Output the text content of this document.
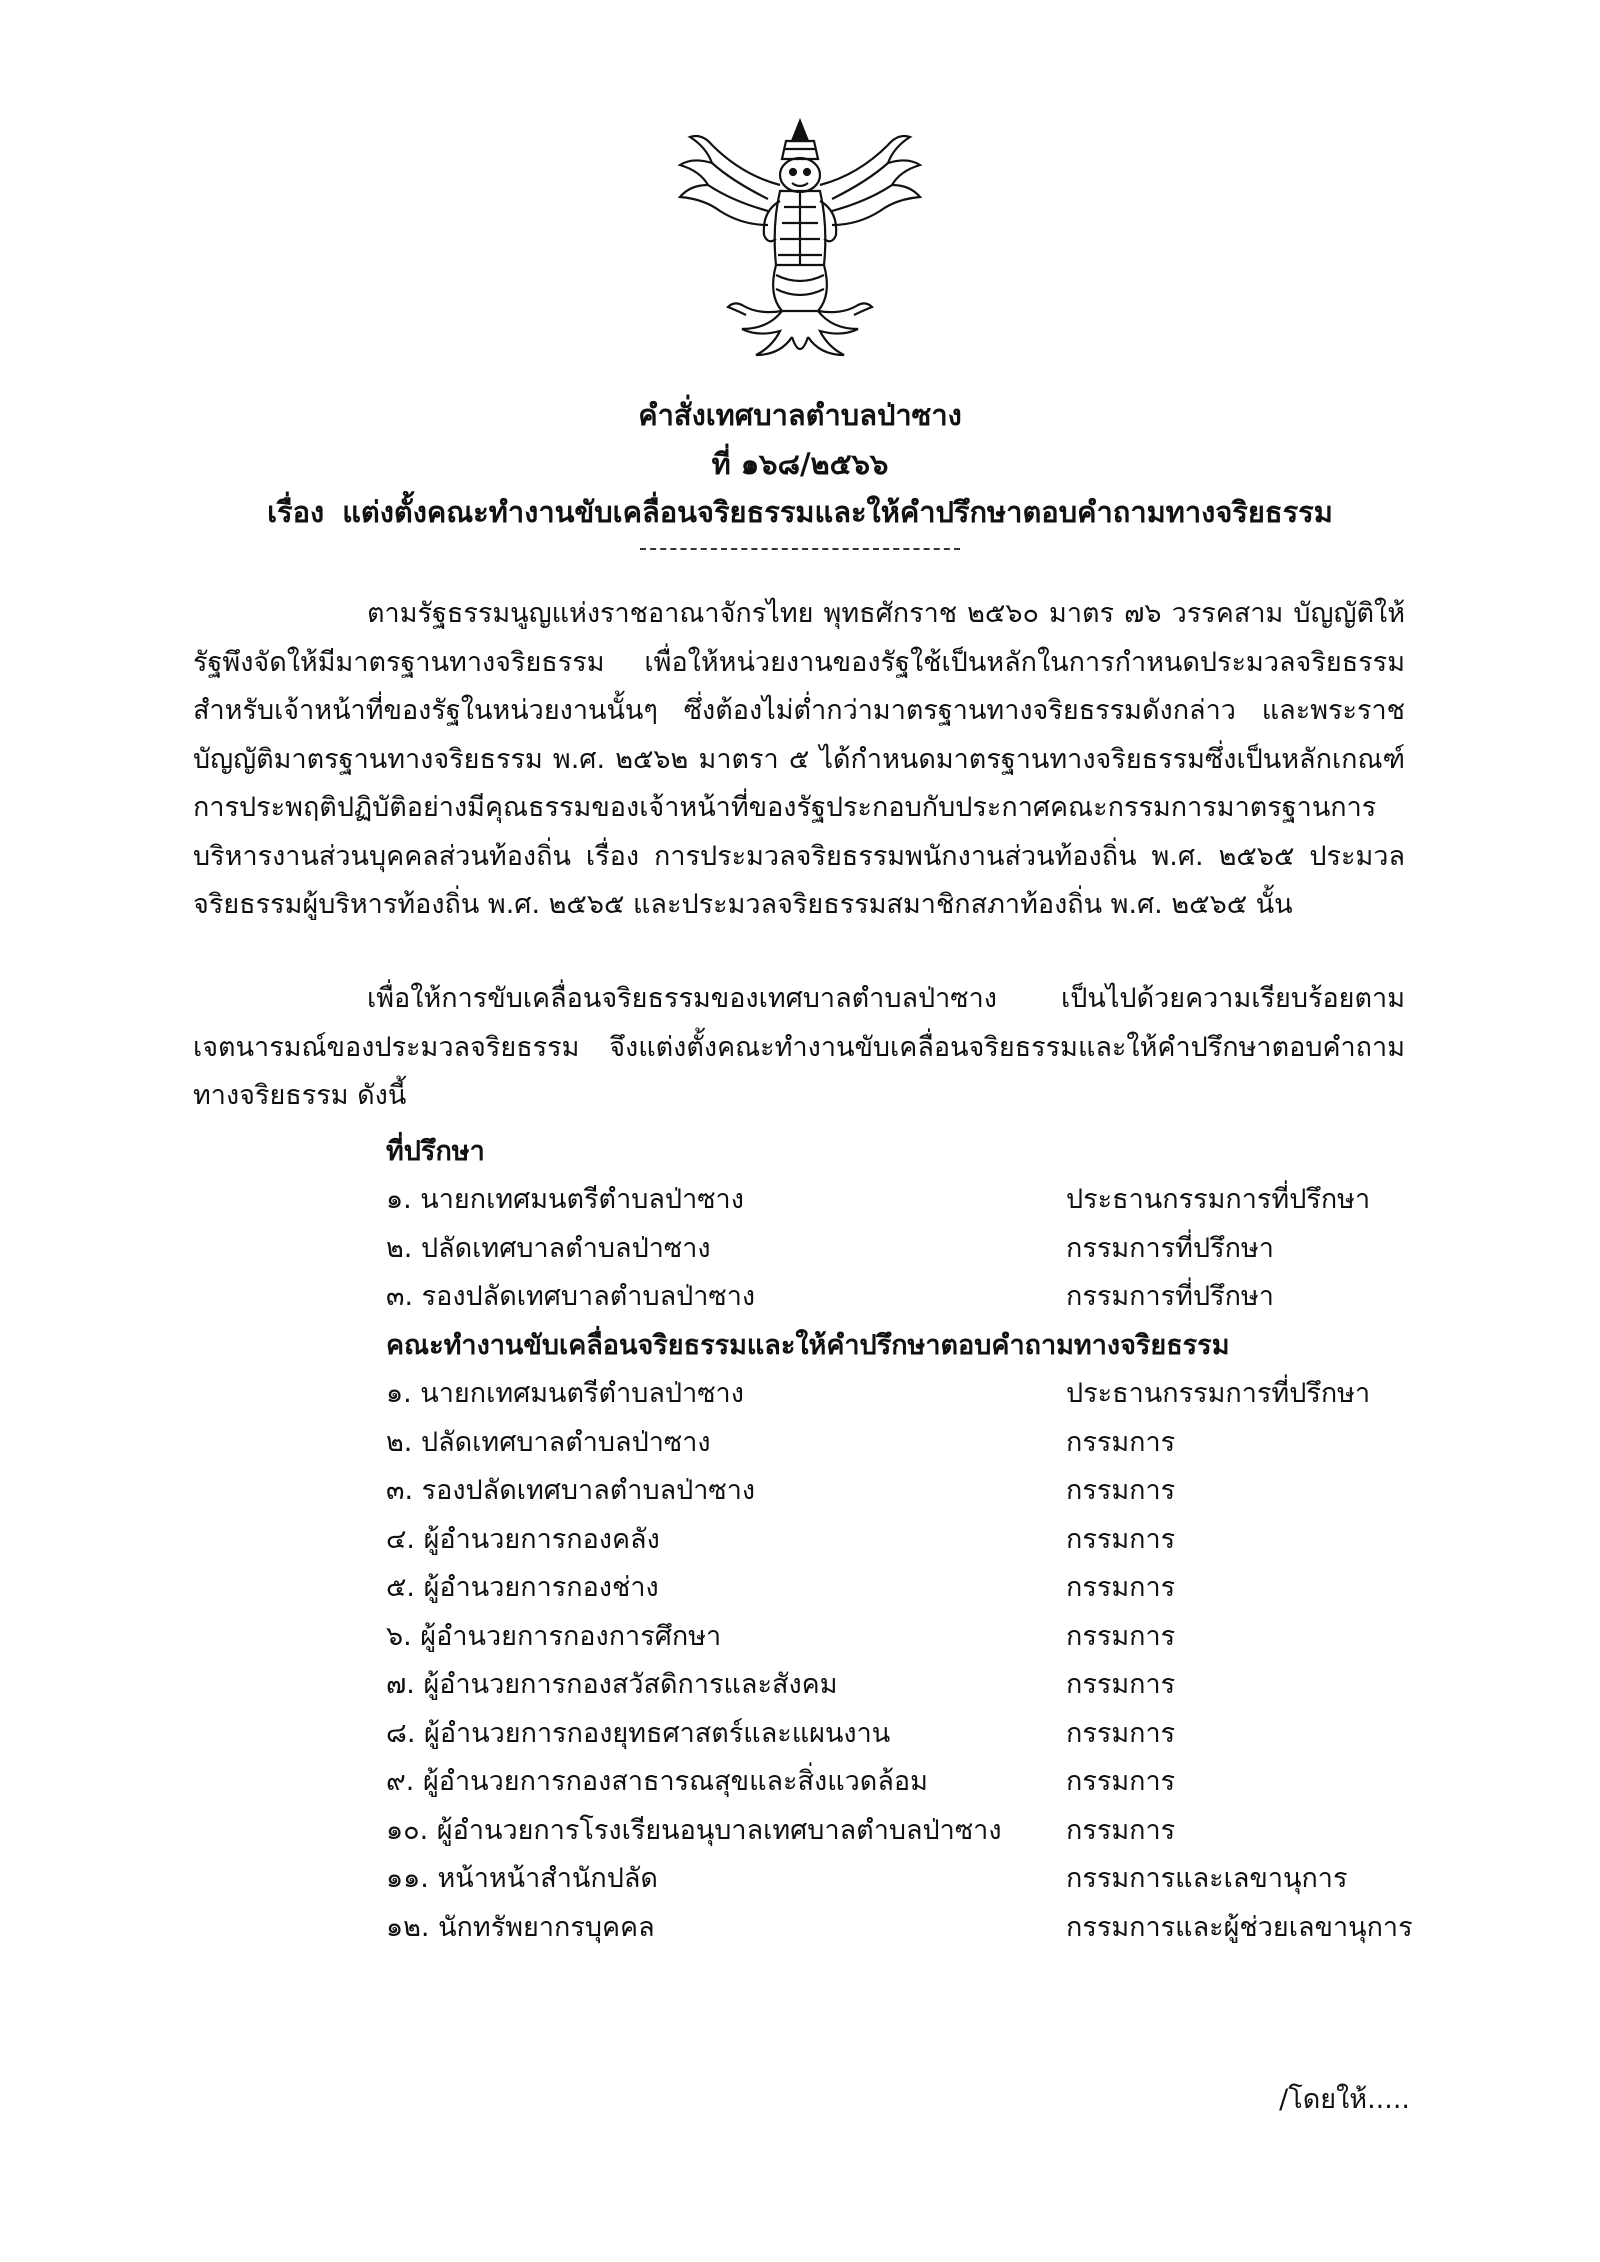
คำสั่งเทศบาลตำบลป่าซาง
ที่ ๑๖๘/๒๕๖๖
เรื่อง แต่งตั้งคณะทำงานขับเคลื่อนจริยธรรมและให้คำปรึกษาตอบคำถามทางจริยธรรม

ตามรัฐธรรมนูญแห่งราชอาณาจักรไทย พุทธศักราช ๒๕๖๐ มาตร ๗๖ วรรคสาม บัญญัติให้รัฐพึงจัดให้มีมาตรฐานทางจริยธรรม เพื่อให้หน่วยงานของรัฐใช้เป็นหลักในการกำหนดประมวลจริยธรรมสำหรับเจ้าหน้าที่ของรัฐในหน่วยงานนั้นๆ ซึ่งต้องไม่ต่ำกว่ามาตรฐานทางจริยธรรมดังกล่าว และพระราชบัญญัติมาตรฐานทางจริยธรรม พ.ศ. ๒๕๖๒ มาตรา ๕ ได้กำหนดมาตรฐานทางจริยธรรมซึ่งเป็นหลักเกณฑ์การประพฤติปฏิบัติอย่างมีคุณธรรมของเจ้าหน้าที่ของรัฐประกอบกับประกาศคณะกรรมการมาตรฐานการบริหารงานส่วนบุคคลส่วนท้องถิ่น เรื่อง การประมวลจริยธรรมพนักงานส่วนท้องถิ่น พ.ศ. ๒๕๖๕ ประมวลจริยธรรมผู้บริหารท้องถิ่น พ.ศ. ๒๕๖๕ และประมวลจริยธรรมสมาชิกสภาท้องถิ่น พ.ศ. ๒๕๖๕ นั้น

เพื่อให้การขับเคลื่อนจริยธรรมของเทศบาลตำบลป่าซาง เป็นไปด้วยความเรียบร้อยตามเจตนารมณ์ของประมวลจริยธรรม จึงแต่งตั้งคณะทำงานขับเคลื่อนจริยธรรมและให้คำปรึกษาตอบคำถามทางจริยธรรม ดังนี้

ที่ปรึกษา
๑. นายกเทศมนตรีตำบลป่าซาง	ประธานกรรมการที่ปรึกษา
๒. ปลัดเทศบาลตำบลป่าซาง	กรรมการที่ปรึกษา
๓. รองปลัดเทศบาลตำบลป่าซาง	กรรมการที่ปรึกษา
คณะทำงานขับเคลื่อนจริยธรรมและให้คำปรึกษาตอบคำถามทางจริยธรรม
๑. นายกเทศมนตรีตำบลป่าซาง	ประธานกรรมการที่ปรึกษา
๒. ปลัดเทศบาลตำบลป่าซาง	กรรมการ
๓. รองปลัดเทศบาลตำบลป่าซาง	กรรมการ
๔. ผู้อำนวยการกองคลัง	กรรมการ
๕. ผู้อำนวยการกองช่าง	กรรมการ
๖. ผู้อำนวยการกองการศึกษา	กรรมการ
๗. ผู้อำนวยการกองสวัสดิการและสังคม	กรรมการ
๘. ผู้อำนวยการกองยุทธศาสตร์และแผนงาน	กรรมการ
๙. ผู้อำนวยการกองสาธารณสุขและสิ่งแวดล้อม	กรรมการ
๑๐. ผู้อำนวยการโรงเรียนอนุบาลเทศบาลตำบลป่าซาง กรรมการ
๑๑. หน้าหน้าสำนักปลัด	กรรมการและเลขานุการ
๑๒. นักทรัพยากรบุคคล	กรรมการและผู้ช่วยเลขานุการ
/โดยให้.....
